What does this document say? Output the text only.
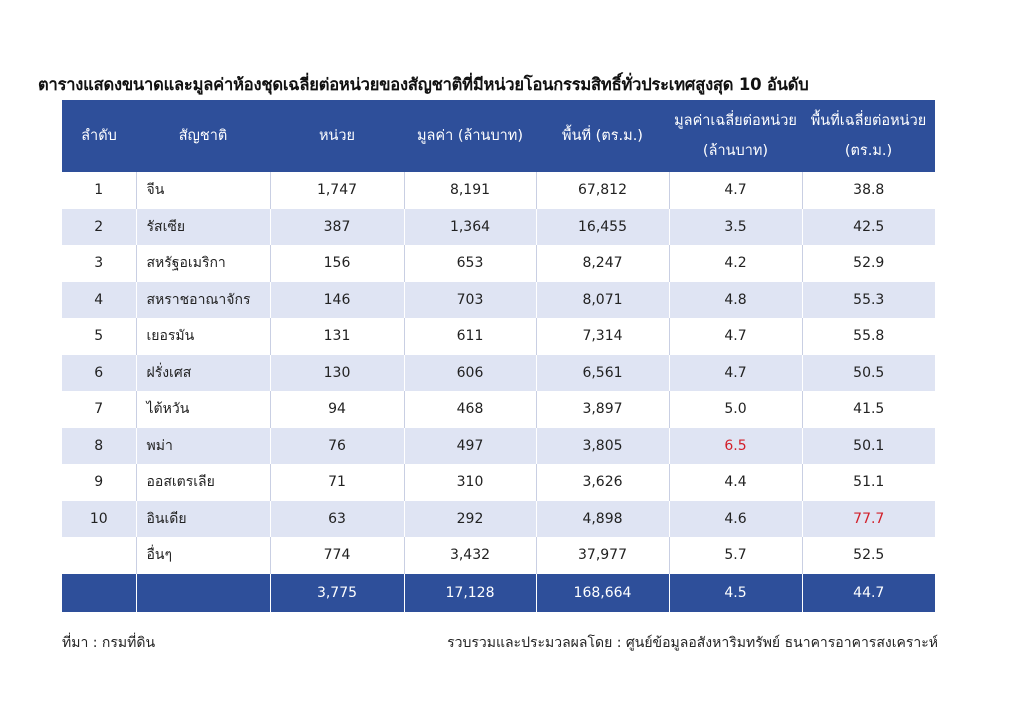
ตารางแสดงขนาดและมูลค่าห้องชุดเฉลี่ยต่อหน่วยของสัญชาติที่มีหน่วยโอนกรรมสิทธิ์ทั่วประเทศสูงสุด 10 อันดับ
ลำดับ	สัญชาติ	หน่วย	มูลค่า (ล้านบาท)	พื้นที่ (ตร.ม.)	มูลค่าเฉลี่ยต่อหน่วย (ล้านบาท)	พื้นที่เฉลี่ยต่อหน่วย (ตร.ม.)
1	จีน	1,747	8,191	67,812	4.7	38.8
2	รัสเซีย	387	1,364	16,455	3.5	42.5
3	สหรัฐอเมริกา	156	653	8,247	4.2	52.9
4	สหราชอาณาจักร	146	703	8,071	4.8	55.3
5	เยอรมัน	131	611	7,314	4.7	55.8
6	ฝรั่งเศส	130	606	6,561	4.7	50.5
7	ไต้หวัน	94	468	3,897	5.0	41.5
8	พม่า	76	497	3,805	6.5	50.1
9	ออสเตรเลีย	71	310	3,626	4.4	51.1
10	อินเดีย	63	292	4,898	4.6	77.7
	อื่นๆ	774	3,432	37,977	5.7	52.5
		3,775	17,128	168,664	4.5	44.7
ที่มา : กรมที่ดิน	รวบรวมและประมวลผลโดย : ศูนย์ข้อมูลอสังหาริมทรัพย์ ธนาคารอาคารสงเคราะห์
